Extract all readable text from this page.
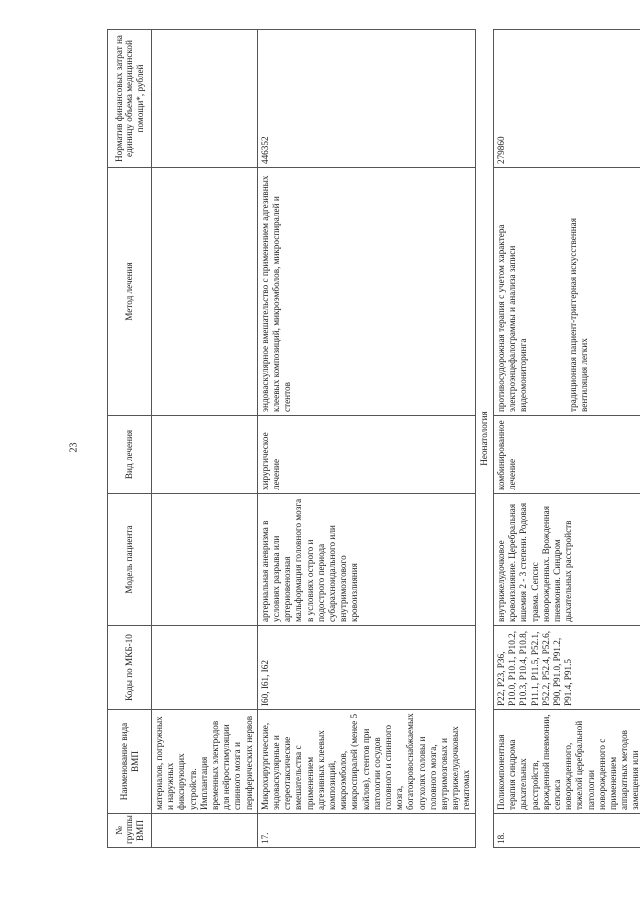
23
№ группы ВМП	Наименование вида ВМП	Коды по МКБ-10	Модель пациента	Вид лечения	Метод лечения	Норматив финансовых затрат на единицу объема медицинской помощи*, рублей
	материалов, погружных и наружных фиксирующих устройств. Имплантация временных электродов для нейростимуляции спинного мозга и периферических нервов					
17.	Микрохирургические, эндоваскулярные и стереотаксические вмешательства с применением адгезивных клеевых композиций, микроэмболов, микроспиралей (менее 5 койлов), стентов при патологии сосудов головного и спинного мозга, богатокровоснабжаемых опухолях головы и головного мозга, внутримозговых и внутрижелудочковых гематомах	I60, I61, I62	артериальная аневризма в условиях разрыва или артериовенозная мальформация головного мозга в условиях острого и подострого периода субарахноидального или внутримозгового кровоизлияния	хирургическое лечение	эндоваскулярное вмешательство с применением адгезивных клеевых композиций, микроэмболов, микроспиралей и стентов	446352
Неонатология						
18.	Поликомпонентная терапия синдрома дыхательных расстройств, врожденной пневмонии, сепсиса новорожденного, тяжелой церебральной патологии новорожденного с применением аппаратных методов замещения или	P22, P23, P36, P10.0, P10.1, P10.2, P10.3, P10.4, P10.8, P11.1, P11.5, P52.1, P52.2, P52.4, P52.6, P90, P91.0, P91.2, P91.4, P91.5	внутрижелудочковое кровоизлияние. Церебральная ишемия 2 - 3 степени. Родовая травма. Сепсис новорожденных. Врожденная пневмония. Синдром дыхательных расстройств	комбинированное лечение	противосудорожная терапия с учетом характера электроэнцефалограммы и анализа записи видеомониторинга традиционная пациент-триггерная искусственная вентиляция легких	279860
